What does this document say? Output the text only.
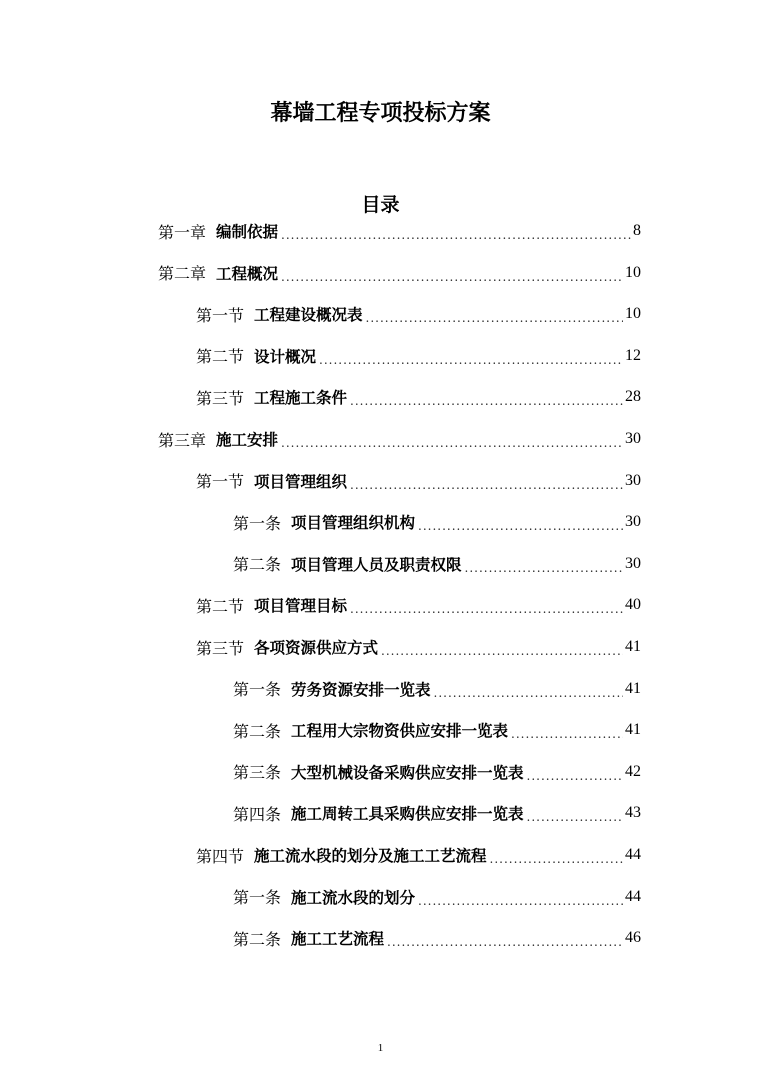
幕墙工程专项投标方案
目录
第一章 编制依据 .....	8
第二章 工程概况 .....	10
第一节 工程建设概况表 .....	10
第二节 设计概况 .....	12
第三节 工程施工条件 .....	28
第三章 施工安排 .....	30
第一节 项目管理组织 .....	30
第一条 项目管理组织机构 .....	30
第二条 项目管理人员及职责权限 .....	30
第二节 项目管理目标 .....	40
第三节 各项资源供应方式 .....	41
第一条 劳务资源安排一览表 .....	41
第二条 工程用大宗物资供应安排一览表 .....	41
第三条 大型机械设备采购供应安排一览表 .....	42
第四条 施工周转工具采购供应安排一览表 .....	43
第四节 施工流水段的划分及施工工艺流程 .....	44
第一条 施工流水段的划分 .....	44
第二条 施工工艺流程 .....	46
1
